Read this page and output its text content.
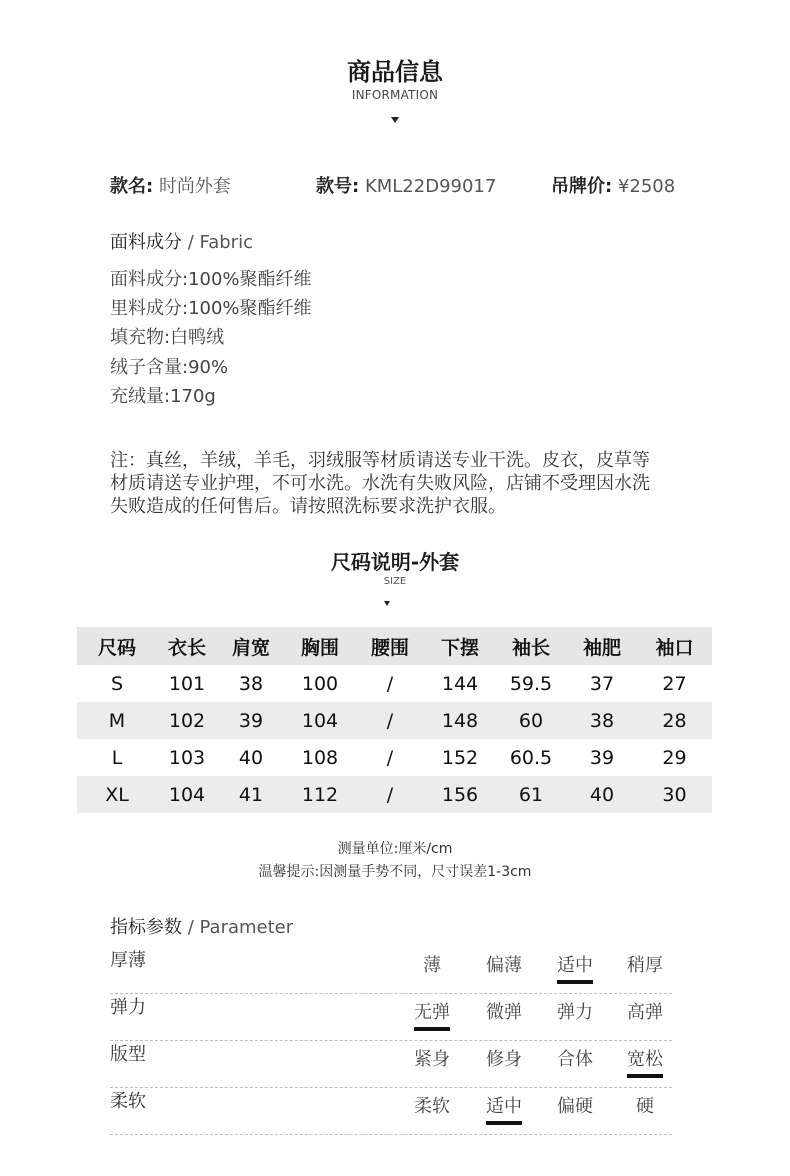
商品信息
INFORMATION
款名: 时尚外套	款号: KML22D99017	吊牌价: ¥2508
面料成分 / Fabric
面料成分:100%聚酯纤维
里料成分:100%聚酯纤维
填充物:白鸭绒
绒子含量:90%
充绒量:170g
注：真丝，羊绒，羊毛，羽绒服等材质请送专业干洗。皮衣，皮草等
材质请送专业护理，不可水洗。水洗有失败风险，店铺不受理因水洗
失败造成的任何售后。请按照洗标要求洗护衣服。
尺码说明-外套
SIZE
尺码	衣长	肩宽	胸围	腰围	下摆	袖长	袖肥	袖口
S	101	38	100	/	144	59.5	37	27
M	102	39	104	/	148	60	38	28
L	103	40	108	/	152	60.5	39	29
XL	104	41	112	/	156	61	40	30
测量单位:厘米/cm
温馨提示:因测量手势不同，尺寸误差1-3cm
指标参数 / Parameter
厚薄	薄	偏薄 适中 稍厚
弹力	无弹 微弹 弹力 高弹
版型	紧身 修身 合体 宽松
柔软	柔软 适中 偏硬	硬
